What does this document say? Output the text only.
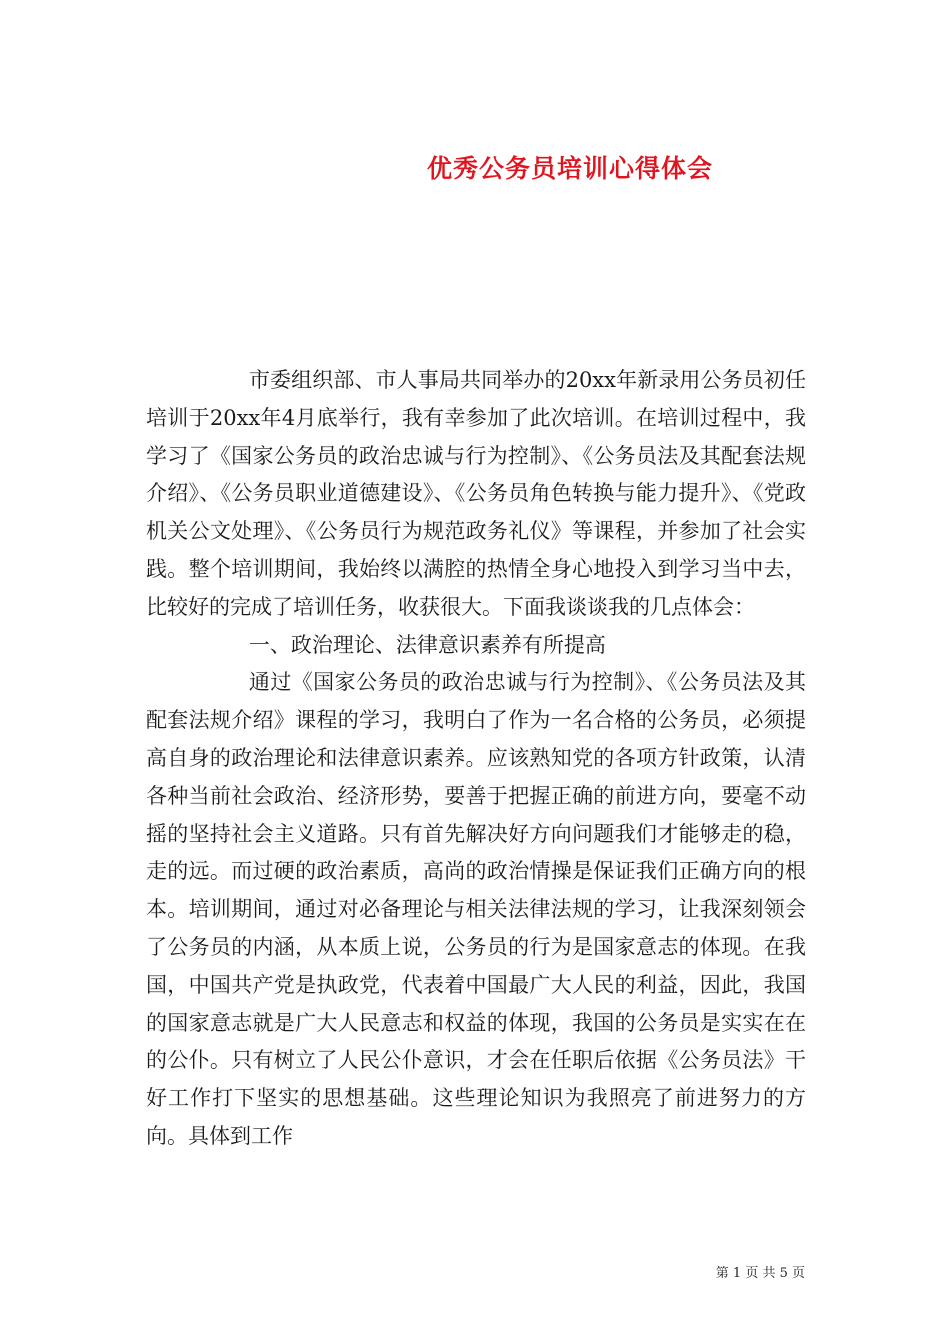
优秀公务员培训心得体会

市委组织部、市人事局共同举办的20xx年新录用公务员初任培训于20xx年4月底举行，我有幸参加了此次培训。在培训过程中，我学习了《国家公务员的政治忠诚与行为控制》、《公务员法及其配套法规介绍》、《公务员职业道德建设》、《公务员角色转换与能力提升》、《党政机关公文处理》、《公务员行为规范政务礼仪》等课程，并参加了社会实践。整个培训期间，我始终以满腔的热情全身心地投入到学习当中去，比较好的完成了培训任务，收获很大。下面我谈谈我的几点体会：

一、政治理论、法律意识素养有所提高

通过《国家公务员的政治忠诚与行为控制》、《公务员法及其配套法规介绍》课程的学习，我明白了作为一名合格的公务员，必须提高自身的政治理论和法律意识素养。应该熟知党的各项方针政策，认清各种当前社会政治、经济形势，要善于把握正确的前进方向，要毫不动摇的坚持社会主义道路。只有首先解决好方向问题我们才能够走的稳，走的远。而过硬的政治素质，高尚的政治情操是保证我们正确方向的根本。培训期间，通过对必备理论与相关法律法规的学习，让我深刻领会了公务员的内涵，从本质上说，公务员的行为是国家意志的体现。在我国，中国共产党是执政党，代表着中国最广大人民的利益，因此，我国的国家意志就是广大人民意志和权益的体现，我国的公务员是实实在在的公仆。只有树立了人民公仆意识，才会在任职后依据《公务员法》干好工作打下坚实的思想基础。这些理论知识为我照亮了前进努力的方向。具体到工作

第 1 页 共 5 页
